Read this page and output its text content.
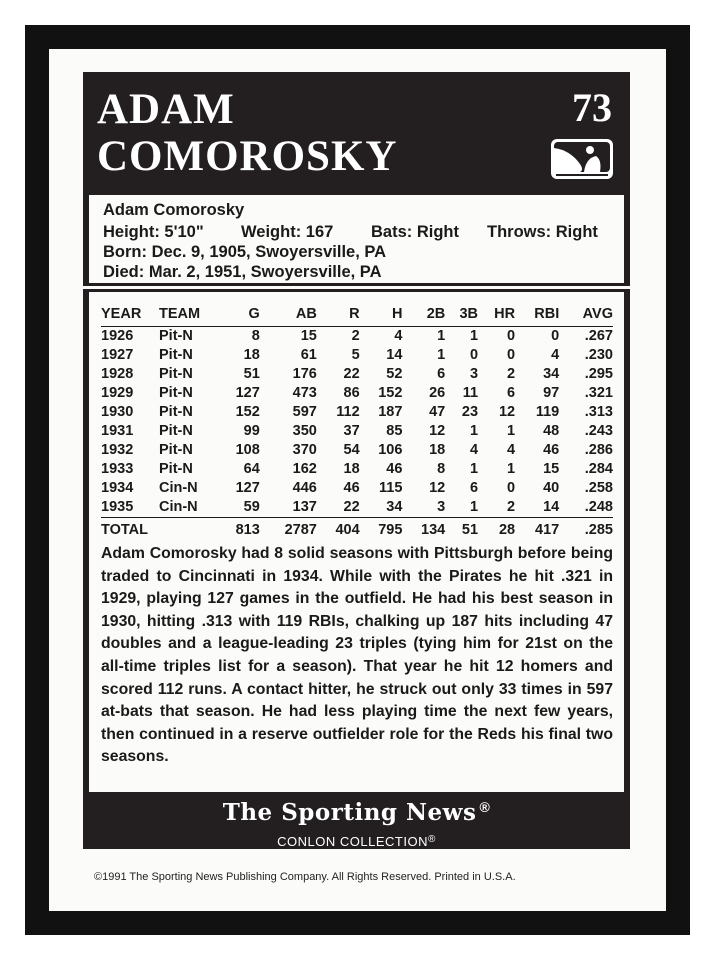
ADAM
COMOROSKY
73
Adam Comorosky
Height: 5'10" Weight: 167 Bats: Right Throws: Right
Born: Dec. 9, 1905, Swoyersville, PA
Died: Mar. 2, 1951, Swoyersville, PA
YEAR	TEAM	G	AB	R	H	2B	3B	HR	RBI	AVG
1926	Pit-N	8	15	2	4	1	1	0	0	.267
1927	Pit-N	18	61	5	14	1	0	0	4	.230
1928	Pit-N	51	176	22	52	6	3	2	34	.295
1929	Pit-N	127	473	86	152	26	11	6	97	.321
1930	Pit-N	152	597	112	187	47	23	12	119	.313
1931	Pit-N	99	350	37	85	12	1	1	48	.243
1932	Pit-N	108	370	54	106	18	4	4	46	.286
1933	Pit-N	64	162	18	46	8	1	1	15	.284
1934	Cin-N	127	446	46	115	12	6	0	40	.258
1935	Cin-N	59	137	22	34	3	1	2	14	.248
TOTAL		813	2787	404	795	134	51	28	417	.285

Adam Comorosky had 8 solid seasons with Pittsburgh before being traded to Cincinnati in 1934. While with the Pirates he hit .321 in 1929, playing 127 games in the outfield. He had his best season in 1930, hitting .313 with 119 RBIs, chalking up 187 hits including 47 doubles and a league-leading 23 triples (tying him for 21st on the all-time triples list for a season). That year he hit 12 homers and scored 112 runs. A contact hitter, he struck out only 33 times in 597 at-bats that season. He had less playing time the next few years, then continued in a reserve outfielder role for the Reds his final two seasons.

The Sporting News ®
CONLON COLLECTION®
©1991 The Sporting News Publishing Company. All Rights Reserved. Printed in U.S.A.
